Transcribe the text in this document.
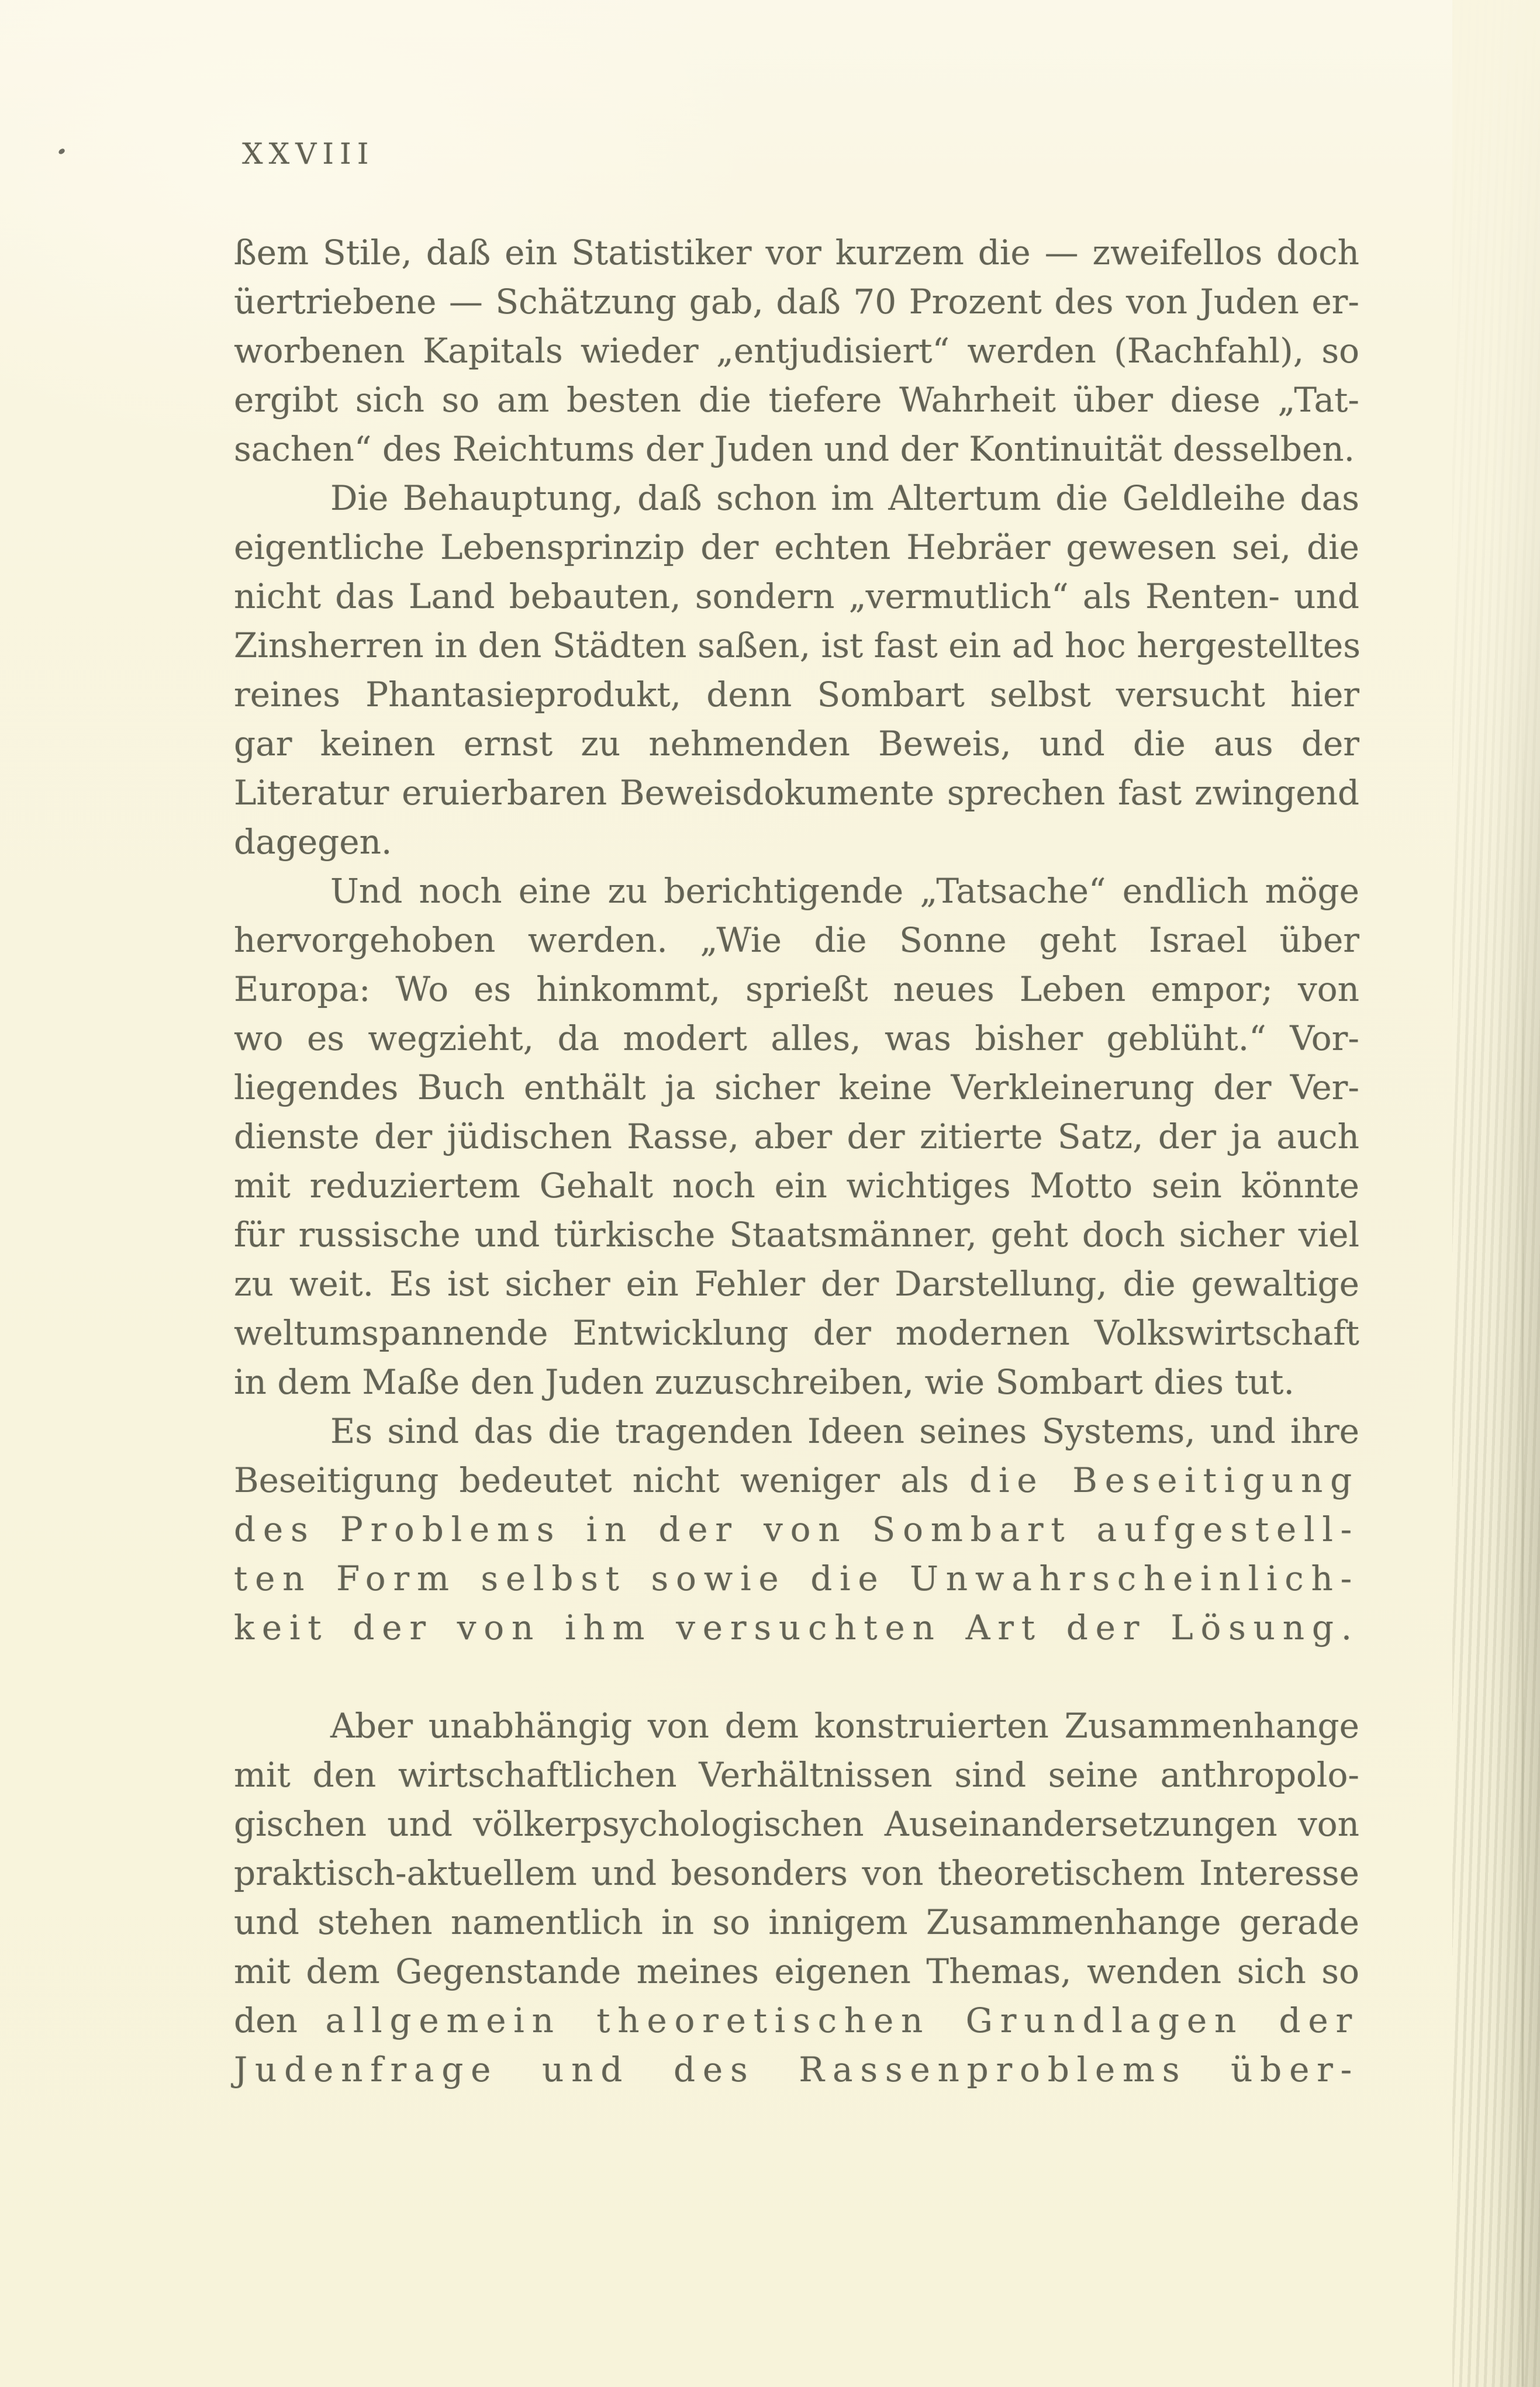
XXVIII
ßem Stile, daß ein Statistiker vor kurzem die — zweifellos doch
üertriebene — Schätzung gab, daß 70 Prozent des von Juden er-
worbenen Kapitals wieder „entjudisiert“ werden (Rachfahl), so
ergibt sich so am besten die tiefere Wahrheit über diese „Tat-
sachen“ des Reichtums der Juden und der Kontinuität desselben.
Die Behauptung, daß schon im Altertum die Geldleihe das
eigentliche Lebensprinzip der echten Hebräer gewesen sei, die
nicht das Land bebauten, sondern „vermutlich“ als Renten- und
Zinsherren in den Städten saßen, ist fast ein ad hoc hergestelltes
reines Phantasieprodukt, denn Sombart selbst versucht hier
gar keinen ernst zu nehmenden Beweis, und die aus der
Literatur eruierbaren Beweisdokumente sprechen fast zwingend
dagegen.
Und noch eine zu berichtigende „Tatsache“ endlich möge
hervorgehoben werden. „Wie die Sonne geht Israel über
Europa: Wo es hinkommt, sprießt neues Leben empor; von
wo es wegzieht, da modert alles, was bisher geblüht.“ Vor-
liegendes Buch enthält ja sicher keine Verkleinerung der Ver-
dienste der jüdischen Rasse, aber der zitierte Satz, der ja auch
mit reduziertem Gehalt noch ein wichtiges Motto sein könnte
für russische und türkische Staatsmänner, geht doch sicher viel
zu weit. Es ist sicher ein Fehler der Darstellung, die gewaltige
weltumspannende Entwicklung der modernen Volkswirtschaft
in dem Maße den Juden zuzuschreiben, wie Sombart dies tut.
Es sind das die tragenden Ideen seines Systems, und ihre
Beseitigung bedeutet nicht weniger als die Beseitigung
des Problems in der von Sombart aufgestell-
ten Form selbst sowie die Unwahrscheinlich-
keit der von ihm versuchten Art der Lösung.
Aber unabhängig von dem konstruierten Zusammenhange
mit den wirtschaftlichen Verhältnissen sind seine anthropolo-
gischen und völkerpsychologischen Auseinandersetzungen von
praktisch-aktuellem und besonders von theoretischem Interesse
und stehen namentlich in so innigem Zusammenhange gerade
mit dem Gegenstande meines eigenen Themas, wenden sich so
den allgemein theoretischen Grundlagen der
Judenfrage und des Rassenproblems über-
